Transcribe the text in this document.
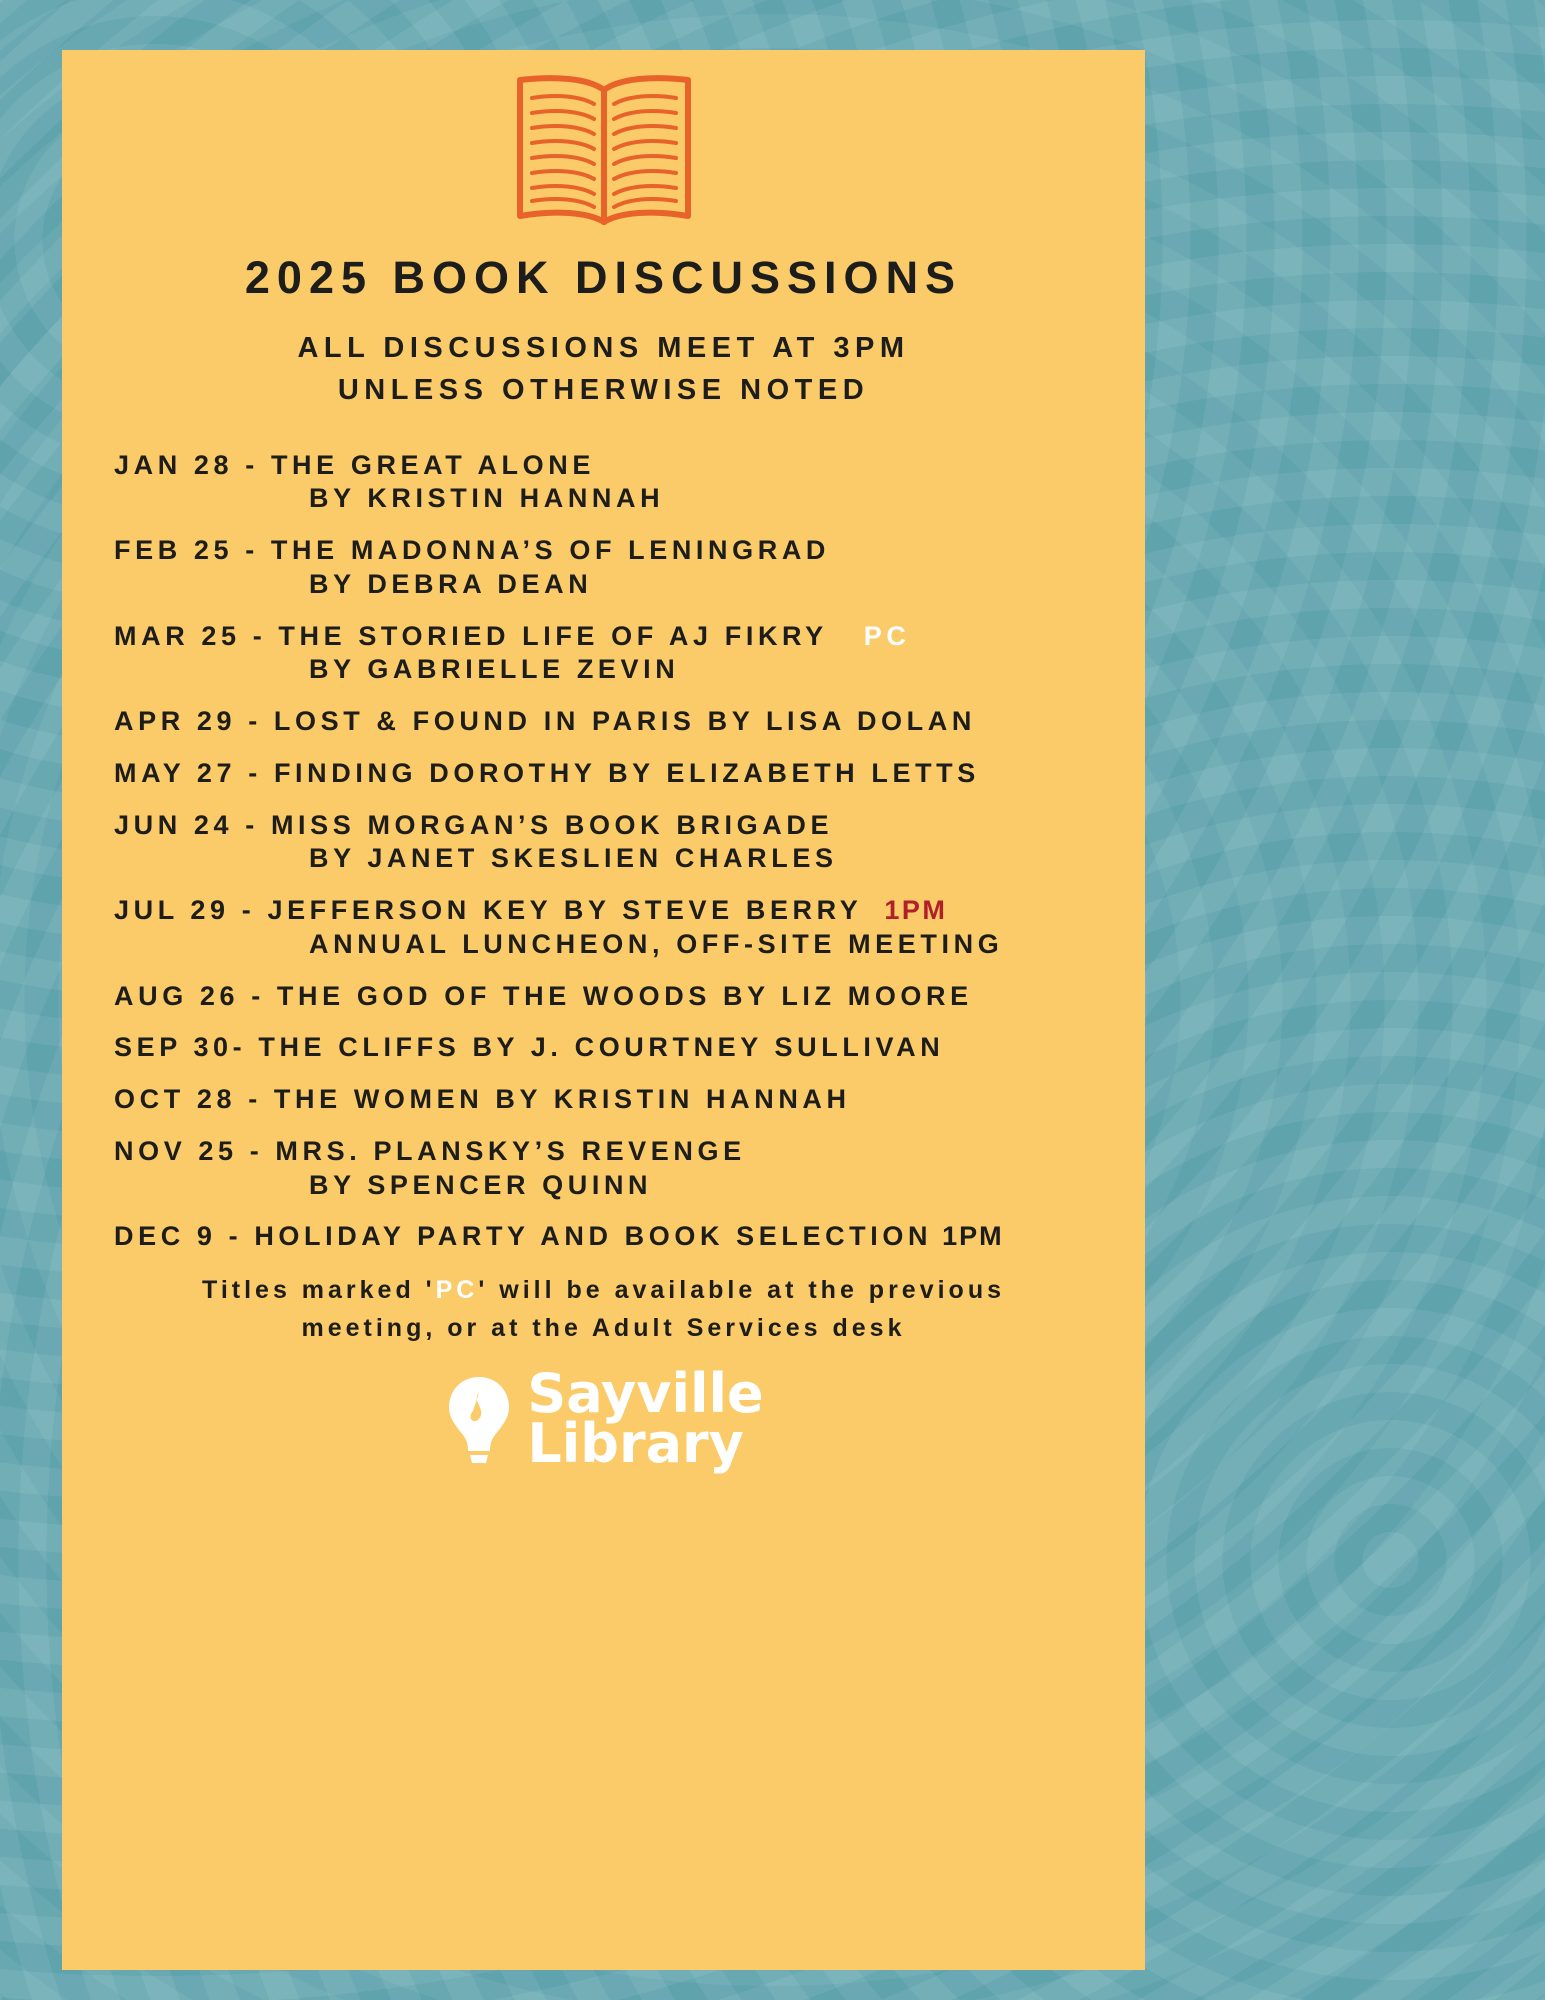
2025 BOOK DISCUSSIONS
ALL DISCUSSIONS MEET AT 3PM
UNLESS OTHERWISE NOTED
JAN 28 - THE GREAT ALONE
BY KRISTIN HANNAH
FEB 25 - THE MADONNA’S OF LENINGRAD
BY DEBRA DEAN
MAR 25 - THE STORIED LIFE OF AJ FIKRY PC
BY GABRIELLE ZEVIN
APR 29 - LOST & FOUND IN PARIS BY LISA DOLAN
MAY 27 - FINDING DOROTHY BY ELIZABETH LETTS
JUN 24 - MISS MORGAN’S BOOK BRIGADE
BY JANET SKESLIEN CHARLES
JUL 29 - JEFFERSON KEY BY STEVE BERRY 1PM
ANNUAL LUNCHEON, OFF-SITE MEETING
AUG 26 - THE GOD OF THE WOODS BY LIZ MOORE
SEP 30- THE CLIFFS BY J. COURTNEY SULLIVAN
OCT 28 - THE WOMEN BY KRISTIN HANNAH
NOV 25 - MRS. PLANSKY’S REVENGE
BY SPENCER QUINN
DEC 9 - HOLIDAY PARTY AND BOOK SELECTION 1PM
Titles marked 'PC' will be available at the previous
meeting, or at the Adult Services desk
Sayville
Library
